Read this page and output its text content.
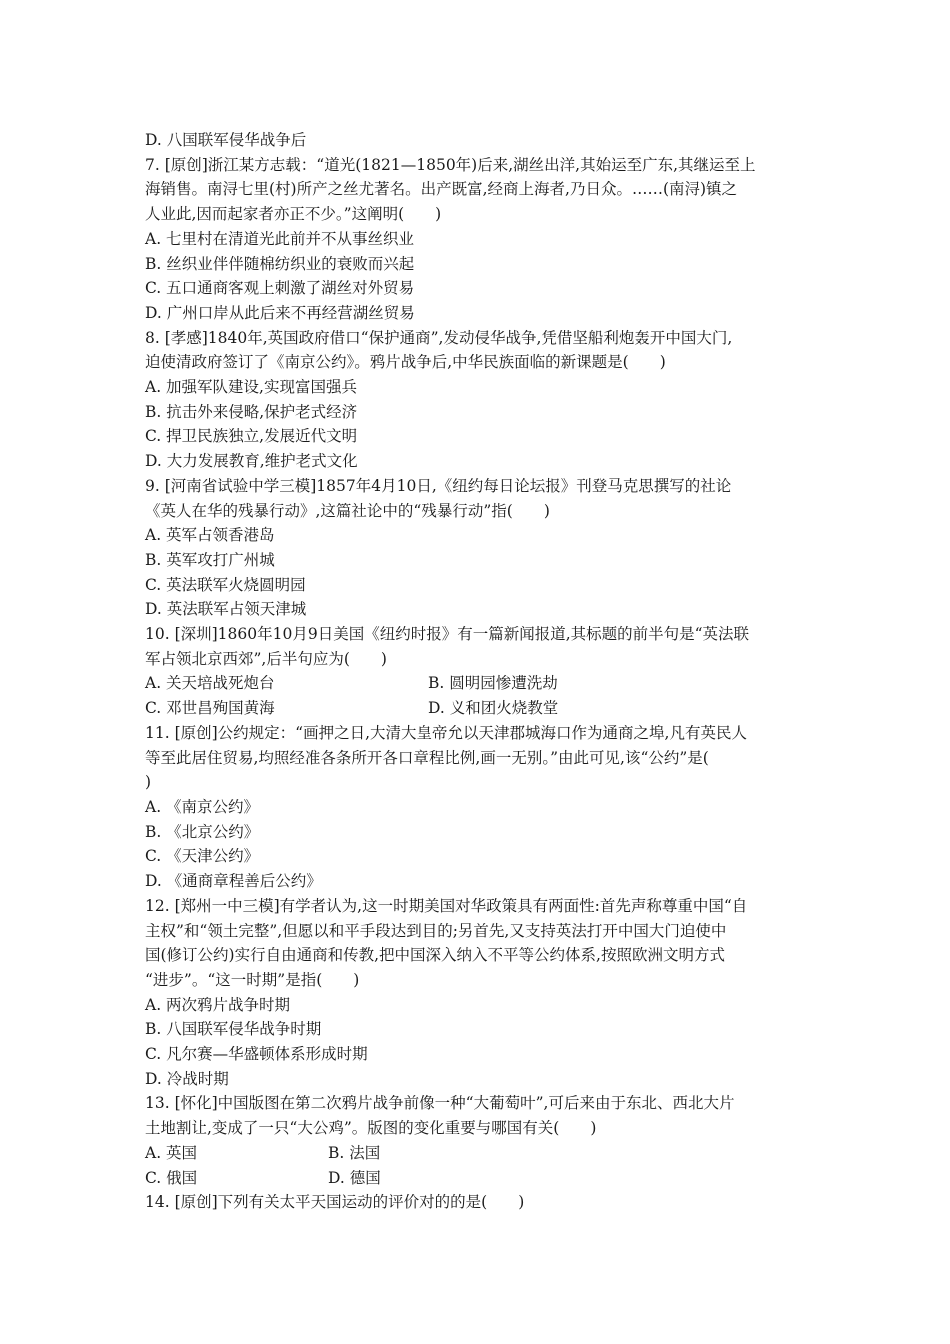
D. 八国联军侵华战争后
7. [原创]浙江某方志载：“道光(1821—1850年)后来,湖丝出洋,其始运至广东,其继运至上
海销售。南浔七里(村)所产之丝尤著名。出产既富,经商上海者,乃日众。……(南浔)镇之
人业此,因而起家者亦正不少。”这阐明(　　)
A. 七里村在清道光此前并不从事丝织业
B. 丝织业伴伴随棉纺织业的衰败而兴起
C. 五口通商客观上刺激了湖丝对外贸易
D. 广州口岸从此后来不再经营湖丝贸易
8. [孝感]1840年,英国政府借口“保护通商”,发动侵华战争,凭借坚船利炮轰开中国大门,
迫使清政府签订了《南京公约》。鸦片战争后,中华民族面临的新课题是(　　)
A. 加强军队建设,实现富国强兵
B. 抗击外来侵略,保护老式经济
C. 捍卫民族独立,发展近代文明
D. 大力发展教育,维护老式文化
9. [河南省试验中学三模]1857年4月10日,《纽约每日论坛报》刊登马克思撰写的社论
《英人在华的残暴行动》,这篇社论中的“残暴行动”指(　　)
A. 英军占领香港岛
B. 英军攻打广州城
C. 英法联军火烧圆明园
D. 英法联军占领天津城
10. [深圳]1860年10月9日美国《纽约时报》有一篇新闻报道,其标题的前半句是“英法联
军占领北京西郊”,后半句应为(　　)
A. 关天培战死炮台	B. 圆明园惨遭洗劫
C. 邓世昌殉国黄海	D. 义和团火烧教堂
11. [原创]公约规定：“画押之日,大清大皇帝允以天津郡城海口作为通商之埠,凡有英民人
等至此居住贸易,均照经准各条所开各口章程比例,画一无别。”由此可见,该“公约”是(
)
A. 《南京公约》
B. 《北京公约》
C. 《天津公约》
D. 《通商章程善后公约》
12. [郑州一中三模]有学者认为,这一时期美国对华政策具有两面性:首先声称尊重中国“自
主权”和“领土完整”,但愿以和平手段达到目的;另首先,又支持英法打开中国大门迫使中
国(修订公约)实行自由通商和传教,把中国深入纳入不平等公约体系,按照欧洲文明方式
“进步”。“这一时期”是指(　　)
A. 两次鸦片战争时期
B. 八国联军侵华战争时期
C. 凡尔赛—华盛顿体系形成时期
D. 冷战时期
13. [怀化]中国版图在第二次鸦片战争前像一种“大葡萄叶”,可后来由于东北、西北大片
土地割让,变成了一只“大公鸡”。版图的变化重要与哪国有关(　　)
A. 英国	B. 法国
C. 俄国	D. 德国
14. [原创]下列有关太平天国运动的评价对的的是(　　)
